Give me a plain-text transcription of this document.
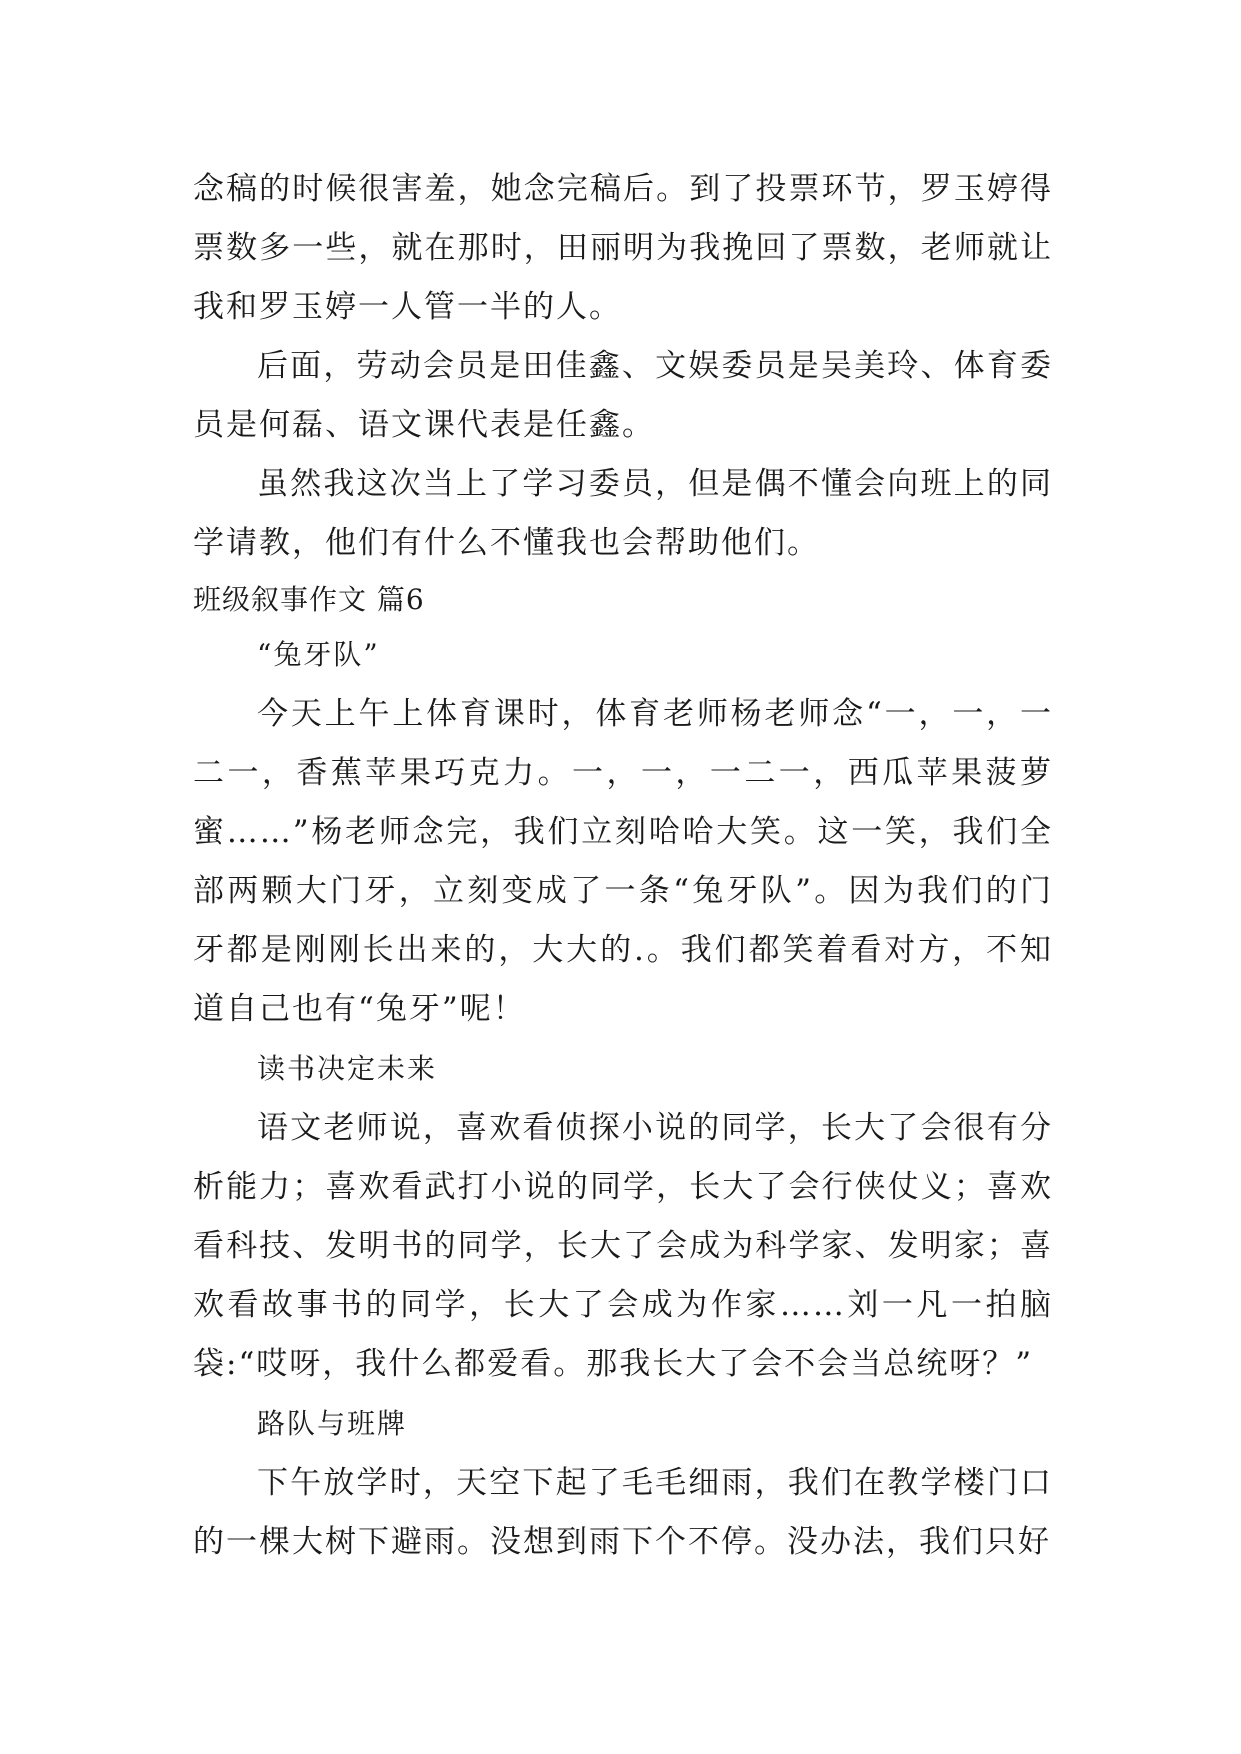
念稿的时候很害羞，她念完稿后。到了投票环节，罗玉婷得票数多一些，就在那时，田丽明为我挽回了票数，老师就让我和罗玉婷一人管一半的人。

后面，劳动会员是田佳鑫、文娱委员是吴美玲、体育委员是何磊、语文课代表是任鑫。

虽然我这次当上了学习委员，但是偶不懂会向班上的同学请教，他们有什么不懂我也会帮助他们。

班级叙事作文 篇6

“兔牙队”

今天上午上体育课时，体育老师杨老师念“一，一，一二一，香蕉苹果巧克力。一，一，一二一，西瓜苹果菠萝蜜……”杨老师念完，我们立刻哈哈大笑。这一笑，我们全部两颗大门牙，立刻变成了一条“兔牙队”。因为我们的门牙都是刚刚长出来的，大大的.。我们都笑着看对方，不知道自己也有“兔牙”呢！

读书决定未来

语文老师说，喜欢看侦探小说的同学，长大了会很有分析能力；喜欢看武打小说的同学，长大了会行侠仗义；喜欢看科技、发明书的同学，长大了会成为科学家、发明家；喜欢看故事书的同学，长大了会成为作家……刘一凡一拍脑袋:“哎呀，我什么都爱看。那我长大了会不会当总统呀？”

路队与班牌

下午放学时，天空下起了毛毛细雨，我们在教学楼门口的一棵大树下避雨。没想到雨下个不停。没办法，我们只好
